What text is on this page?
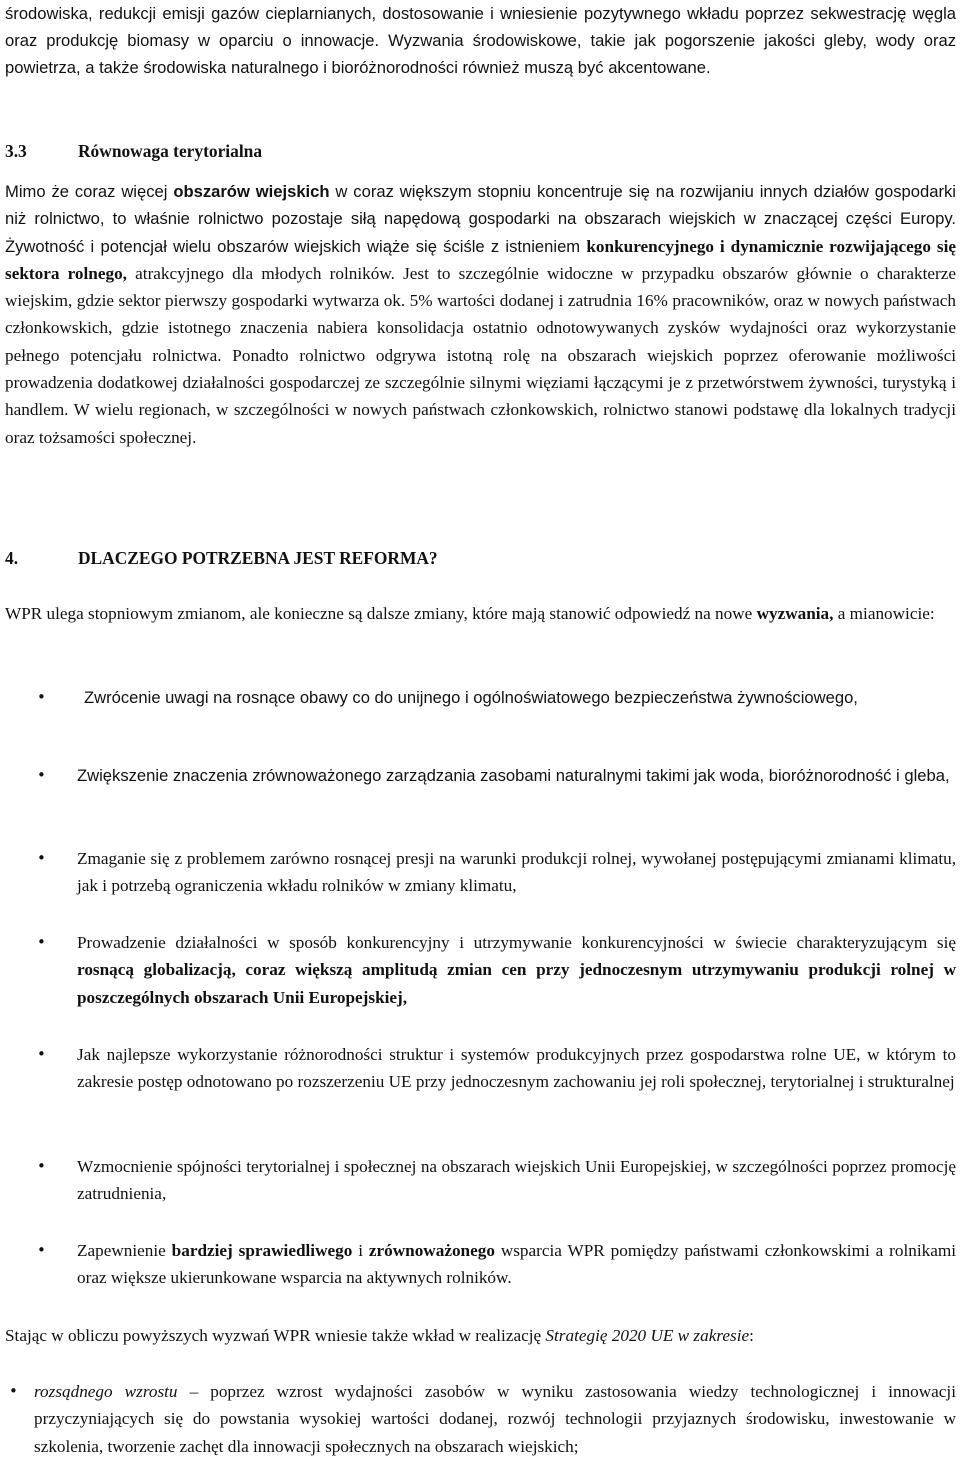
środowiska, redukcji emisji gazów cieplarnianych, dostosowanie i wniesienie pozytywnego wkładu poprzez sekwestrację węgla oraz produkcję biomasy w oparciu o innowacje. Wyzwania środowiskowe, takie jak pogorszenie jakości gleby, wody oraz powietrza, a także środowiska naturalnego i bioróżnorodności również muszą być akcentowane.

3.3	Równowaga terytorialna

Mimo że coraz więcej obszarów wiejskich w coraz większym stopniu koncentruje się na rozwijaniu innych działów gospodarki niż rolnictwo, to właśnie rolnictwo pozostaje siłą napędową gospodarki na obszarach wiejskich w znaczącej części Europy. Żywotność i potencjał wielu obszarów wiejskich wiąże się ściśle z istnieniem konkurencyjnego i dynamicznie rozwijającego się sektora rolnego, atrakcyjnego dla młodych rolników. Jest to szczególnie widoczne w przypadku obszarów głównie o charakterze wiejskim, gdzie sektor pierwszy gospodarki wytwarza ok. 5% wartości dodanej i zatrudnia 16% pracowników, oraz w nowych państwach członkowskich, gdzie istotnego znaczenia nabiera konsolidacja ostatnio odnotowywanych zysków wydajności oraz wykorzystanie pełnego potencjału rolnictwa. Ponadto rolnictwo odgrywa istotną rolę na obszarach wiejskich poprzez oferowanie możliwości prowadzenia dodatkowej działalności gospodarczej ze szczególnie silnymi więziami łączącymi je z przetwórstwem żywności, turystyką i handlem. W wielu regionach, w szczególności w nowych państwach członkowskich, rolnictwo stanowi podstawę dla lokalnych tradycji oraz tożsamości społecznej.

4.	DLACZEGO POTRZEBNA JEST REFORMA?

WPR ulega stopniowym zmianom, ale konieczne są dalsze zmiany, które mają stanowić odpowiedź na nowe wyzwania, a mianowicie:

• Zwrócenie uwagi na rosnące obawy co do unijnego i ogólnoświatowego bezpieczeństwa żywnościowego,
• Zwiększenie znaczenia zrównoważonego zarządzania zasobami naturalnymi takimi jak woda, bioróżnorodność i gleba,
• Zmaganie się z problemem zarówno rosnącej presji na warunki produkcji rolnej, wywołanej postępującymi zmianami klimatu, jak i potrzebą ograniczenia wkładu rolników w zmiany klimatu,
• Prowadzenie działalności w sposób konkurencyjny i utrzymywanie konkurencyjności w świecie charakteryzującym się rosnącą globalizacją, coraz większą amplitudą zmian cen przy jednoczesnym utrzymywaniu produkcji rolnej w poszczególnych obszarach Unii Europejskiej,
• Jak najlepsze wykorzystanie różnorodności struktur i systemów produkcyjnych przez gospodarstwa rolne UE, w którym to zakresie postęp odnotowano po rozszerzeniu UE przy jednoczesnym zachowaniu jej roli społecznej, terytorialnej i strukturalnej
• Wzmocnienie spójności terytorialnej i społecznej na obszarach wiejskich Unii Europejskiej, w szczególności poprzez promocję zatrudnienia,
• Zapewnienie bardziej sprawiedliwego i zrównoważonego wsparcia WPR pomiędzy państwami członkowskimi a rolnikami oraz większe ukierunkowane wsparcia na aktywnych rolników.

Stając w obliczu powyższych wyzwań WPR wniesie także wkład w realizację Strategię 2020 UE w zakresie:

• rozsądnego wzrostu – poprzez wzrost wydajności zasobów w wyniku zastosowania wiedzy technologicznej i innowacji przyczyniających się do powstania wysokiej wartości dodanej, rozwój technologii przyjaznych środowisku, inwestowanie w szkolenia, tworzenie zachęt dla innowacji społecznych na obszarach wiejskich;
